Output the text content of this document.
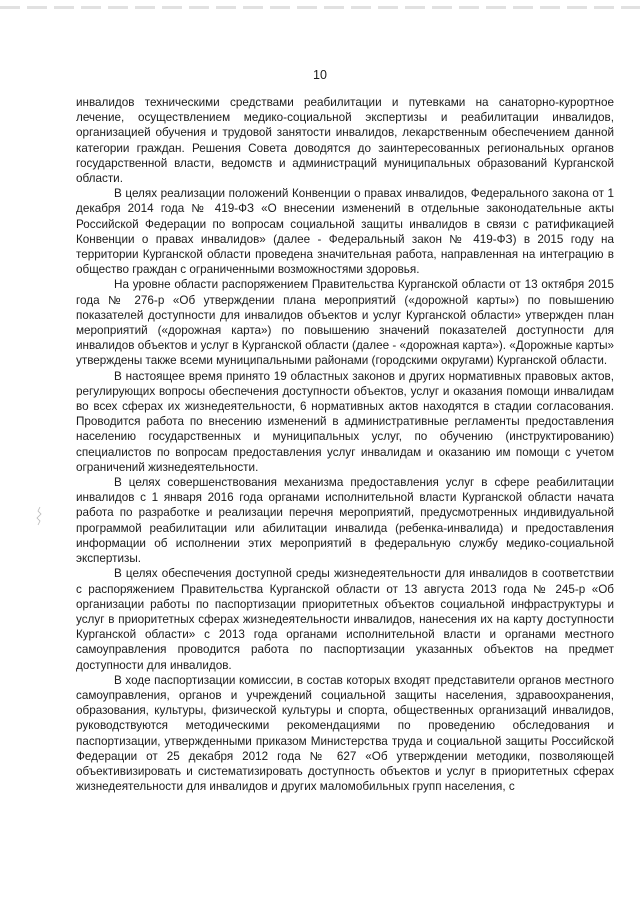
10

инвалидов техническими средствами реабилитации и путевками на санаторно-курортное лечение, осуществлением медико-социальной экспертизы и реабилитации инвалидов, организацией обучения и трудовой занятости инвалидов, лекарственным обеспечением данной категории граждан. Решения Совета доводятся до заинтересованных региональных органов государственной власти, ведомств и администраций муниципальных образований Курганской области.

В целях реализации положений Конвенции о правах инвалидов, Федерального закона от 1 декабря 2014 года № 419-ФЗ «О внесении изменений в отдельные законодательные акты Российской Федерации по вопросам социальной защиты инвалидов в связи с ратификацией Конвенции о правах инвалидов» (далее - Федеральный закон № 419-ФЗ) в 2015 году на территории Курганской области проведена значительная работа, направленная на интеграцию в общество граждан с ограниченными возможностями здоровья.

На уровне области распоряжением Правительства Курганской области от 13 октября 2015 года № 276-р «Об утверждении плана мероприятий («дорожной карты») по повышению показателей доступности для инвалидов объектов и услуг Курганской области» утвержден план мероприятий («дорожная карта») по повышению значений показателей доступности для инвалидов объектов и услуг в Курганской области (далее - «дорожная карта»). «Дорожные карты» утверждены также всеми муниципальными районами (городскими округами) Курганской области.

В настоящее время принято 19 областных законов и других нормативных правовых актов, регулирующих вопросы обеспечения доступности объектов, услуг и оказания помощи инвалидам во всех сферах их жизнедеятельности, 6 нормативных актов находятся в стадии согласования. Проводится работа по внесению изменений в административные регламенты предоставления населению государственных и муниципальных услуг, по обучению (инструктированию) специалистов по вопросам предоставления услуг инвалидам и оказанию им помощи с учетом ограничений жизнедеятельности.

В целях совершенствования механизма предоставления услуг в сфере реабилитации инвалидов с 1 января 2016 года органами исполнительной власти Курганской области начата работа по разработке и реализации перечня мероприятий, предусмотренных индивидуальной программой реабилитации или абилитации инвалида (ребенка-инвалида) и предоставления информации об исполнении этих мероприятий в федеральную службу медико-социальной экспертизы.

В целях обеспечения доступной среды жизнедеятельности для инвалидов в соответствии с распоряжением Правительства Курганской области от 13 августа 2013 года № 245-р «Об организации работы по паспортизации приоритетных объектов социальной инфраструктуры и услуг в приоритетных сферах жизнедеятельности инвалидов, нанесения их на карту доступности Курганской области» с 2013 года органами исполнительной власти и органами местного самоуправления проводится работа по паспортизации указанных объектов на предмет доступности для инвалидов.

В ходе паспортизации комиссии, в состав которых входят представители органов местного самоуправления, органов и учреждений социальной защиты населения, здравоохранения, образования, культуры, физической культуры и спорта, общественных организаций инвалидов, руководствуются методическими рекомендациями по проведению обследования и паспортизации, утвержденными приказом Министерства труда и социальной защиты Российской Федерации от 25 декабря 2012 года № 627 «Об утверждении методики, позволяющей объективизировать и систематизировать доступность объектов и услуг в приоритетных сферах жизнедеятельности для инвалидов и других маломобильных групп населения, с
